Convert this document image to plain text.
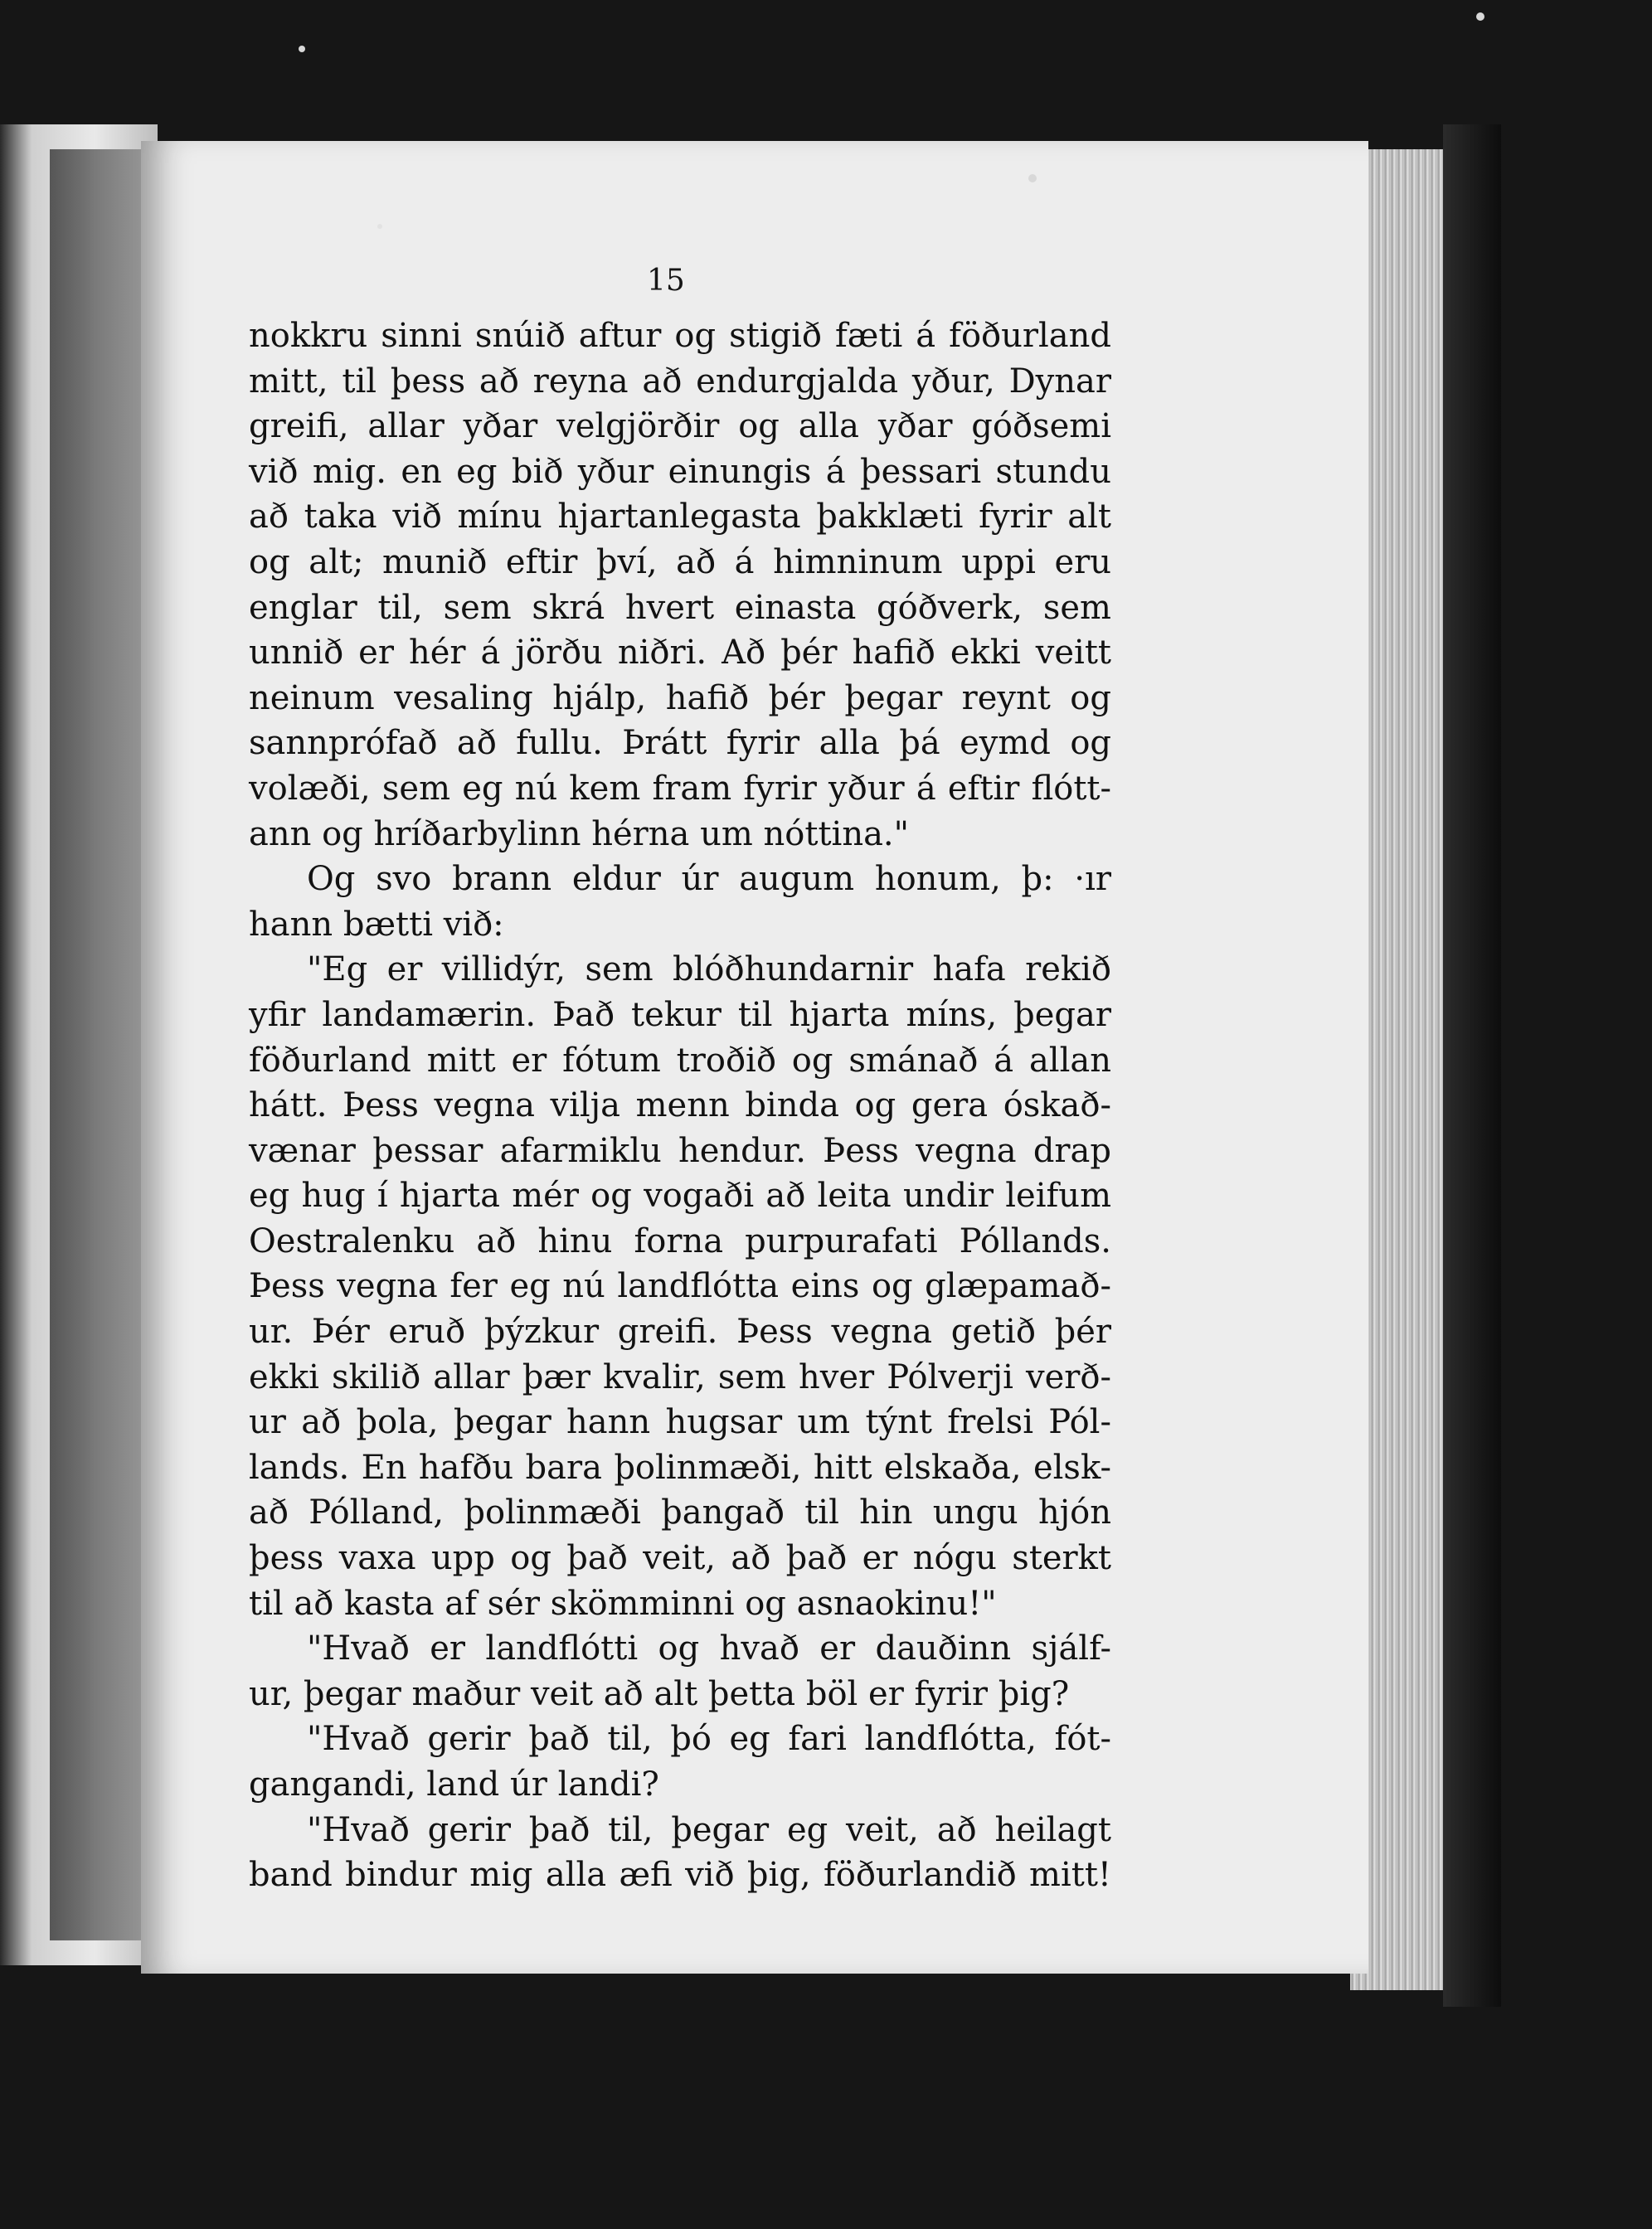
15
nokkru sinni snúið aftur og stigið fæti á föðurland
mitt, til þess að reyna að endurgjalda yður, Dynar
greifi, allar yðar velgjörðir og alla yðar góðsemi
við mig. en eg bið yður einungis á þessari stundu
að taka við mínu hjartanlegasta þakklæti fyrir alt
og alt; munið eftir því, að á himninum uppi eru
englar til, sem skrá hvert einasta góðverk, sem
unnið er hér á jörðu niðri. Að þér hafið ekki veitt
neinum vesaling hjálp, hafið þér þegar reynt og
sannprófað að fullu. Þrátt fyrir alla þá eymd og
volæði, sem eg nú kem fram fyrir yður á eftir flótt-
ann og hríðarbylinn hérna um nóttina."
Og svo brann eldur úr augum honum, þ: ·ır
hann bætti við:
"Eg er villidýr, sem blóðhundarnir hafa rekið
yfir landamærin. Það tekur til hjarta míns, þegar
föðurland mitt er fótum troðið og smánað á allan
hátt. Þess vegna vilja menn binda og gera óskað-
vænar þessar afarmiklu hendur. Þess vegna drap
eg hug í hjarta mér og vogaði að leita undir leifum
Oestralenku að hinu forna purpurafati Póllands.
Þess vegna fer eg nú landflótta eins og glæpamað-
ur. Þér eruð þýzkur greifi. Þess vegna getið þér
ekki skilið allar þær kvalir, sem hver Pólverji verð-
ur að þola, þegar hann hugsar um týnt frelsi Pól-
lands. En hafðu bara þolinmæði, hitt elskaða, elsk-
að Pólland, þolinmæði þangað til hin ungu hjón
þess vaxa upp og það veit, að það er nógu sterkt
til að kasta af sér skömminni og asnaokinu!"
"Hvað er landflótti og hvað er dauðinn sjálf-
ur, þegar maður veit að alt þetta böl er fyrir þig?
"Hvað gerir það til, þó eg fari landflótta, fót-
gangandi, land úr landi?
"Hvað gerir það til, þegar eg veit, að heilagt
band bindur mig alla æfi við þig, föðurlandið mitt!
